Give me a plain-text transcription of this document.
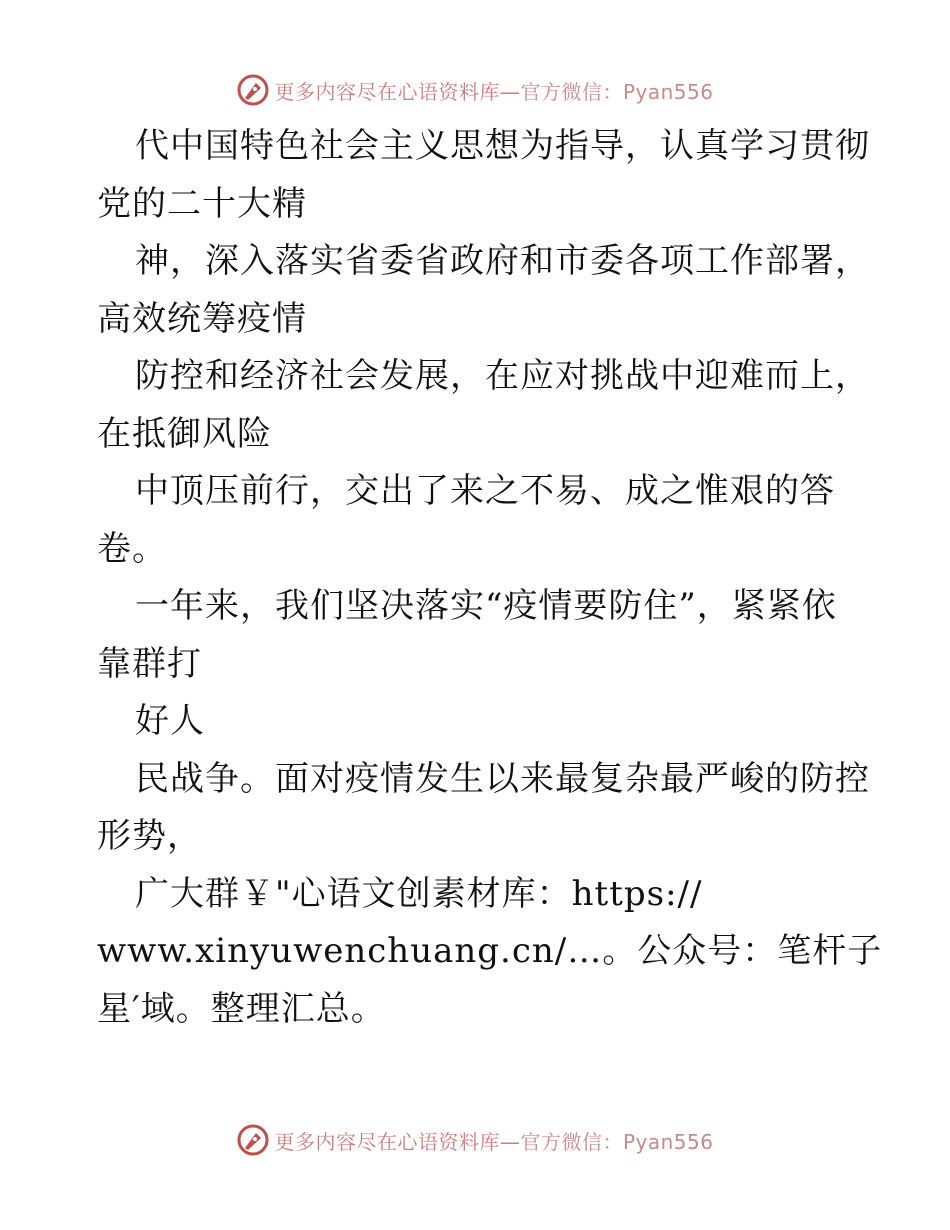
更多内容尽在心语资料库—官方微信：Pyan556
代中国特色社会主义思想为指导，认真学习贯彻
党的二十大精
神，深入落实省委省政府和市委各项工作部署，
高效统筹疫情
防控和经济社会发展，在应对挑战中迎难而上，
在抵御风险
中顶压前行，交出了来之不易、成之惟艰的答
卷。
一年来，我们坚决落实“疫情要防住”，紧紧依
靠群打
好人
民战争。面对疫情发生以来最复杂最严峻的防控
形势，
广大群￥"心语文创素材库：https://
www.xinyuwenchuang.cn/…。公众号：笔杆子
星′域。整理汇总。
更多内容尽在心语资料库—官方微信：Pyan556
